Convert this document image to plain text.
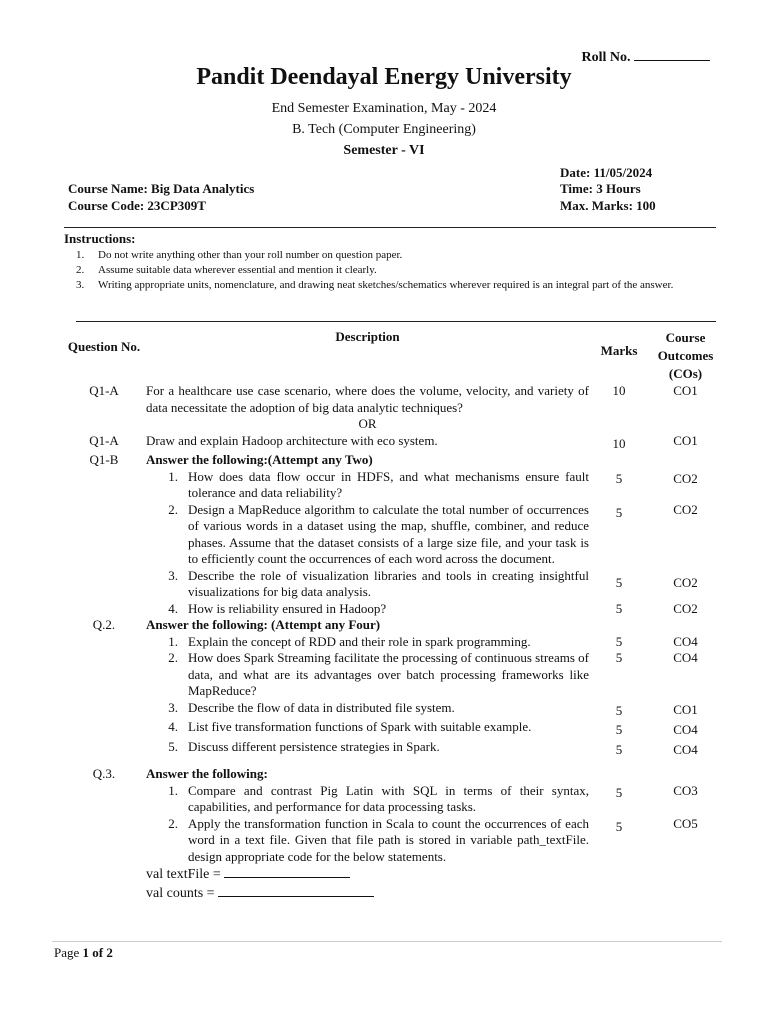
Roll No.
Pandit Deendayal Energy University
End Semester Examination, May - 2024
B. Tech (Computer Engineering)
Semester - VI
Course Name: Big Data Analytics
Course Code: 23CP309T
Date: 11/05/2024
Time: 3 Hours
Max. Marks: 100
Instructions:
1. Do not write anything other than your roll number on question paper.
2. Assume suitable data wherever essential and mention it clearly.
3. Writing appropriate units, nomenclature, and drawing neat sketches/schematics wherever required is an integral part of the answer.
Question No.	Description	Marks	Course Outcomes (COs)
Q1-A	For a healthcare use case scenario, where does the volume, velocity, and variety of data necessitate the adoption of big data analytic techniques?	10	CO1
	OR		
Q1-A	Draw and explain Hadoop architecture with eco system.	10	CO1
Q1-B	Answer the following:(Attempt any Two)		

	1. How does data flow occur in HDFS, and what mechanisms ensure fault tolerance and data reliability?	5	CO2

	2. Design a MapReduce algorithm to calculate the total number of occurrences of various words in a dataset using the map, shuffle, combiner, and reduce phases. Assume that the dataset consists of a large size file, and your task is to efficiently count the occurrences of each word across the document.	5	CO2

	3. Describe the role of visualization libraries and tools in creating insightful visualizations for big data analysis.	5	CO2

	4. How is reliability ensured in Hadoop?	5	CO2
Q.2.	Answer the following: (Attempt any Four)		

	1. Explain the concept of RDD and their role in spark programming.	5	CO4

	2. How does Spark Streaming facilitate the processing of continuous streams of data, and what are its advantages over batch processing frameworks like MapReduce?	5	CO4

	3. Describe the flow of data in distributed file system.	5	CO1

	4. List five transformation functions of Spark with suitable example.	5	CO4

	5. Discuss different persistence strategies in Spark.	5	CO4

Q.3.	Answer the following:		

	1. Compare and contrast Pig Latin with SQL in terms of their syntax, capabilities, and performance for data processing tasks.	5	CO3

	2. Apply the transformation function in Scala to count the occurrences of each word in a text file. Given that file path is stored in variable path_textFile. design appropriate code for the below statements.	5	CO5
	val textFile =		
	val counts =		
Page 1 of 2
